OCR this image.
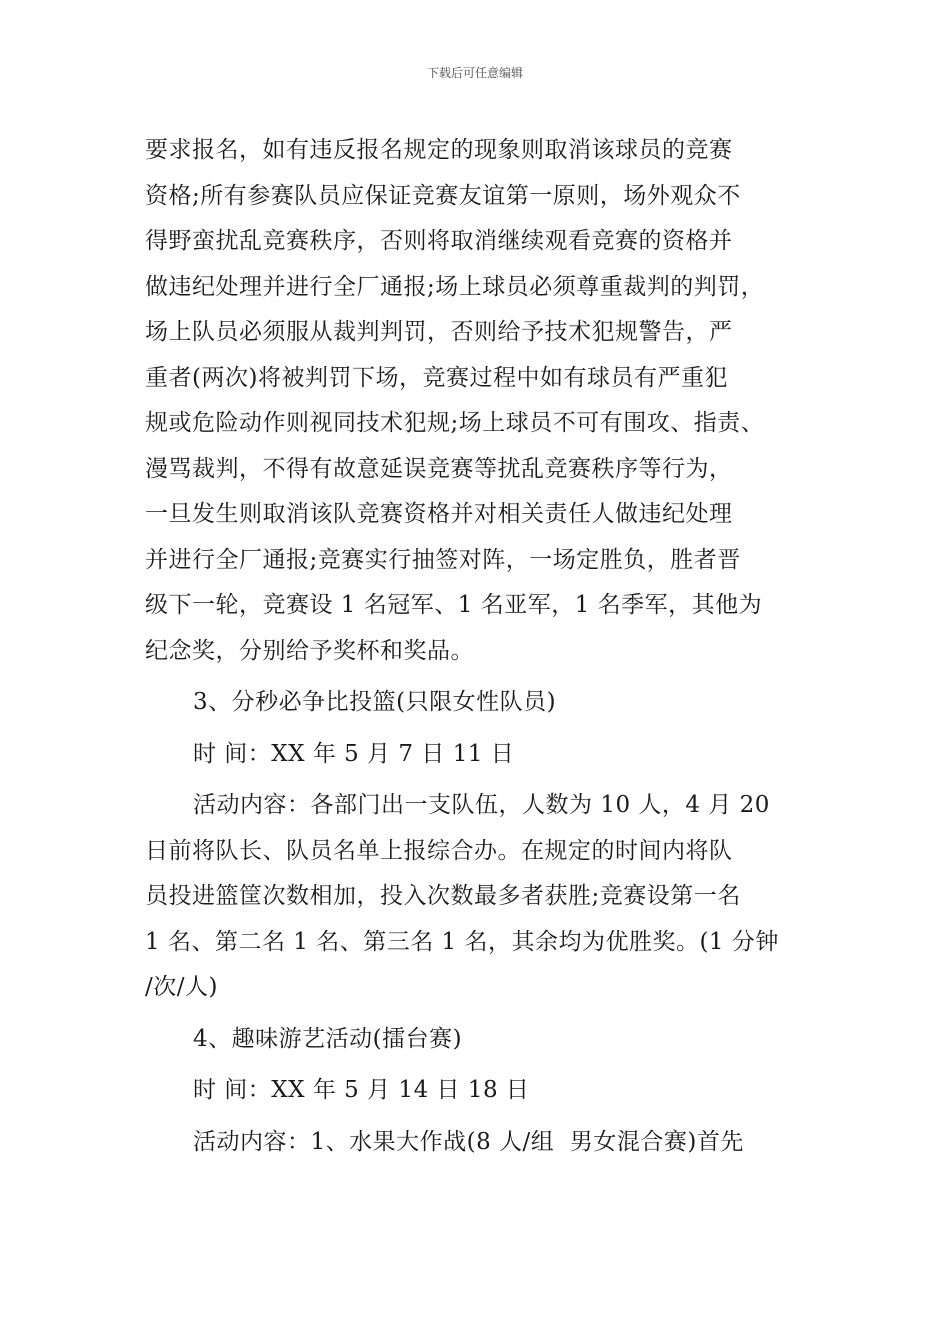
下载后可任意编辑

要求报名，如有违反报名规定的现象则取消该球员的竞赛

资格;所有参赛队员应保证竞赛友谊第一原则，场外观众不

得野蛮扰乱竞赛秩序，否则将取消继续观看竞赛的资格并

做违纪处理并进行全厂通报;场上球员必须尊重裁判的判罚，

场上队员必须服从裁判判罚，否则给予技术犯规警告，严

重者(两次)将被判罚下场，竞赛过程中如有球员有严重犯

规或危险动作则视同技术犯规;场上球员不可有围攻、指责、

漫骂裁判，不得有故意延误竞赛等扰乱竞赛秩序等行为，

一旦发生则取消该队竞赛资格并对相关责任人做违纪处理

并进行全厂通报;竞赛实行抽签对阵，一场定胜负，胜者晋

级下一轮，竞赛设 1 名冠军、1 名亚军，1 名季军，其他为

纪念奖，分别给予奖杯和奖品。

3、分秒必争比投篮(只限女性队员)

时 间：XX 年 5 月 7 日 11 日

活动内容：各部门出一支队伍，人数为 10 人，4 月 20

日前将队长、队员名单上报综合办。在规定的时间内将队

员投进篮筐次数相加，投入次数最多者获胜;竞赛设第一名

1 名、第二名 1 名、第三名 1 名，其余均为优胜奖。(1 分钟

/次/人)

4、趣味游艺活动(擂台赛)

时 间：XX 年 5 月 14 日 18 日

活动内容：1、水果大作战(8 人/组  男女混合赛)首先
